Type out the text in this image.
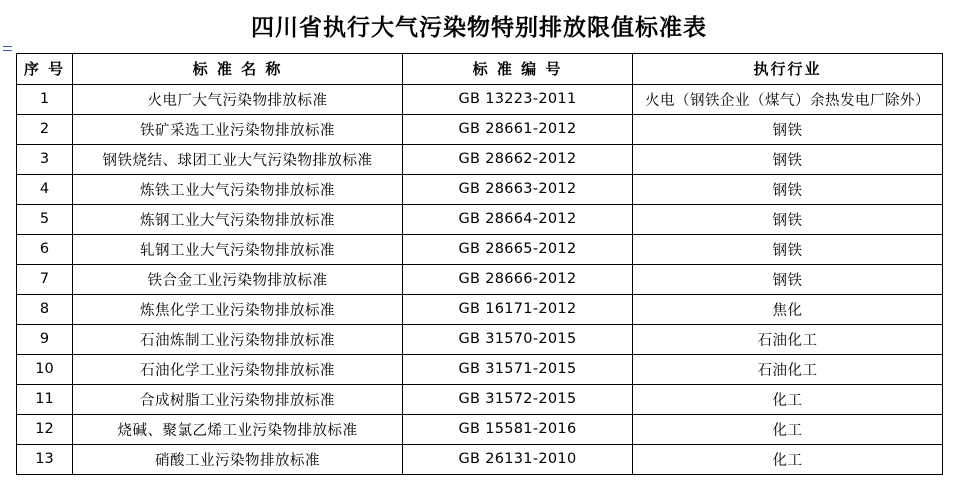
四川省执行大气污染物特别排放限值标准表
序 号	标 准 名 称	标 准 编 号	执行行业
1	火电厂大气污染物排放标准	GB 13223-2011	火电（钢铁企业（煤气）余热发电厂除外）
2	铁矿采选工业污染物排放标准	GB 28661-2012	钢铁
3	钢铁烧结、球团工业大气污染物排放标准	GB 28662-2012	钢铁
4	炼铁工业大气污染物排放标准	GB 28663-2012	钢铁
5	炼钢工业大气污染物排放标准	GB 28664-2012	钢铁
6	轧钢工业大气污染物排放标准	GB 28665-2012	钢铁
7	铁合金工业污染物排放标准	GB 28666-2012	钢铁
8	炼焦化学工业污染物排放标准	GB 16171-2012	焦化
9	石油炼制工业污染物排放标准	GB 31570-2015	石油化工
10	石油化学工业污染物排放标准	GB 31571-2015	石油化工
11	合成树脂工业污染物排放标准	GB 31572-2015	化工
12	烧碱、聚氯乙烯工业污染物排放标准	GB 15581-2016	化工
13	硝酸工业污染物排放标准	GB 26131-2010	化工
